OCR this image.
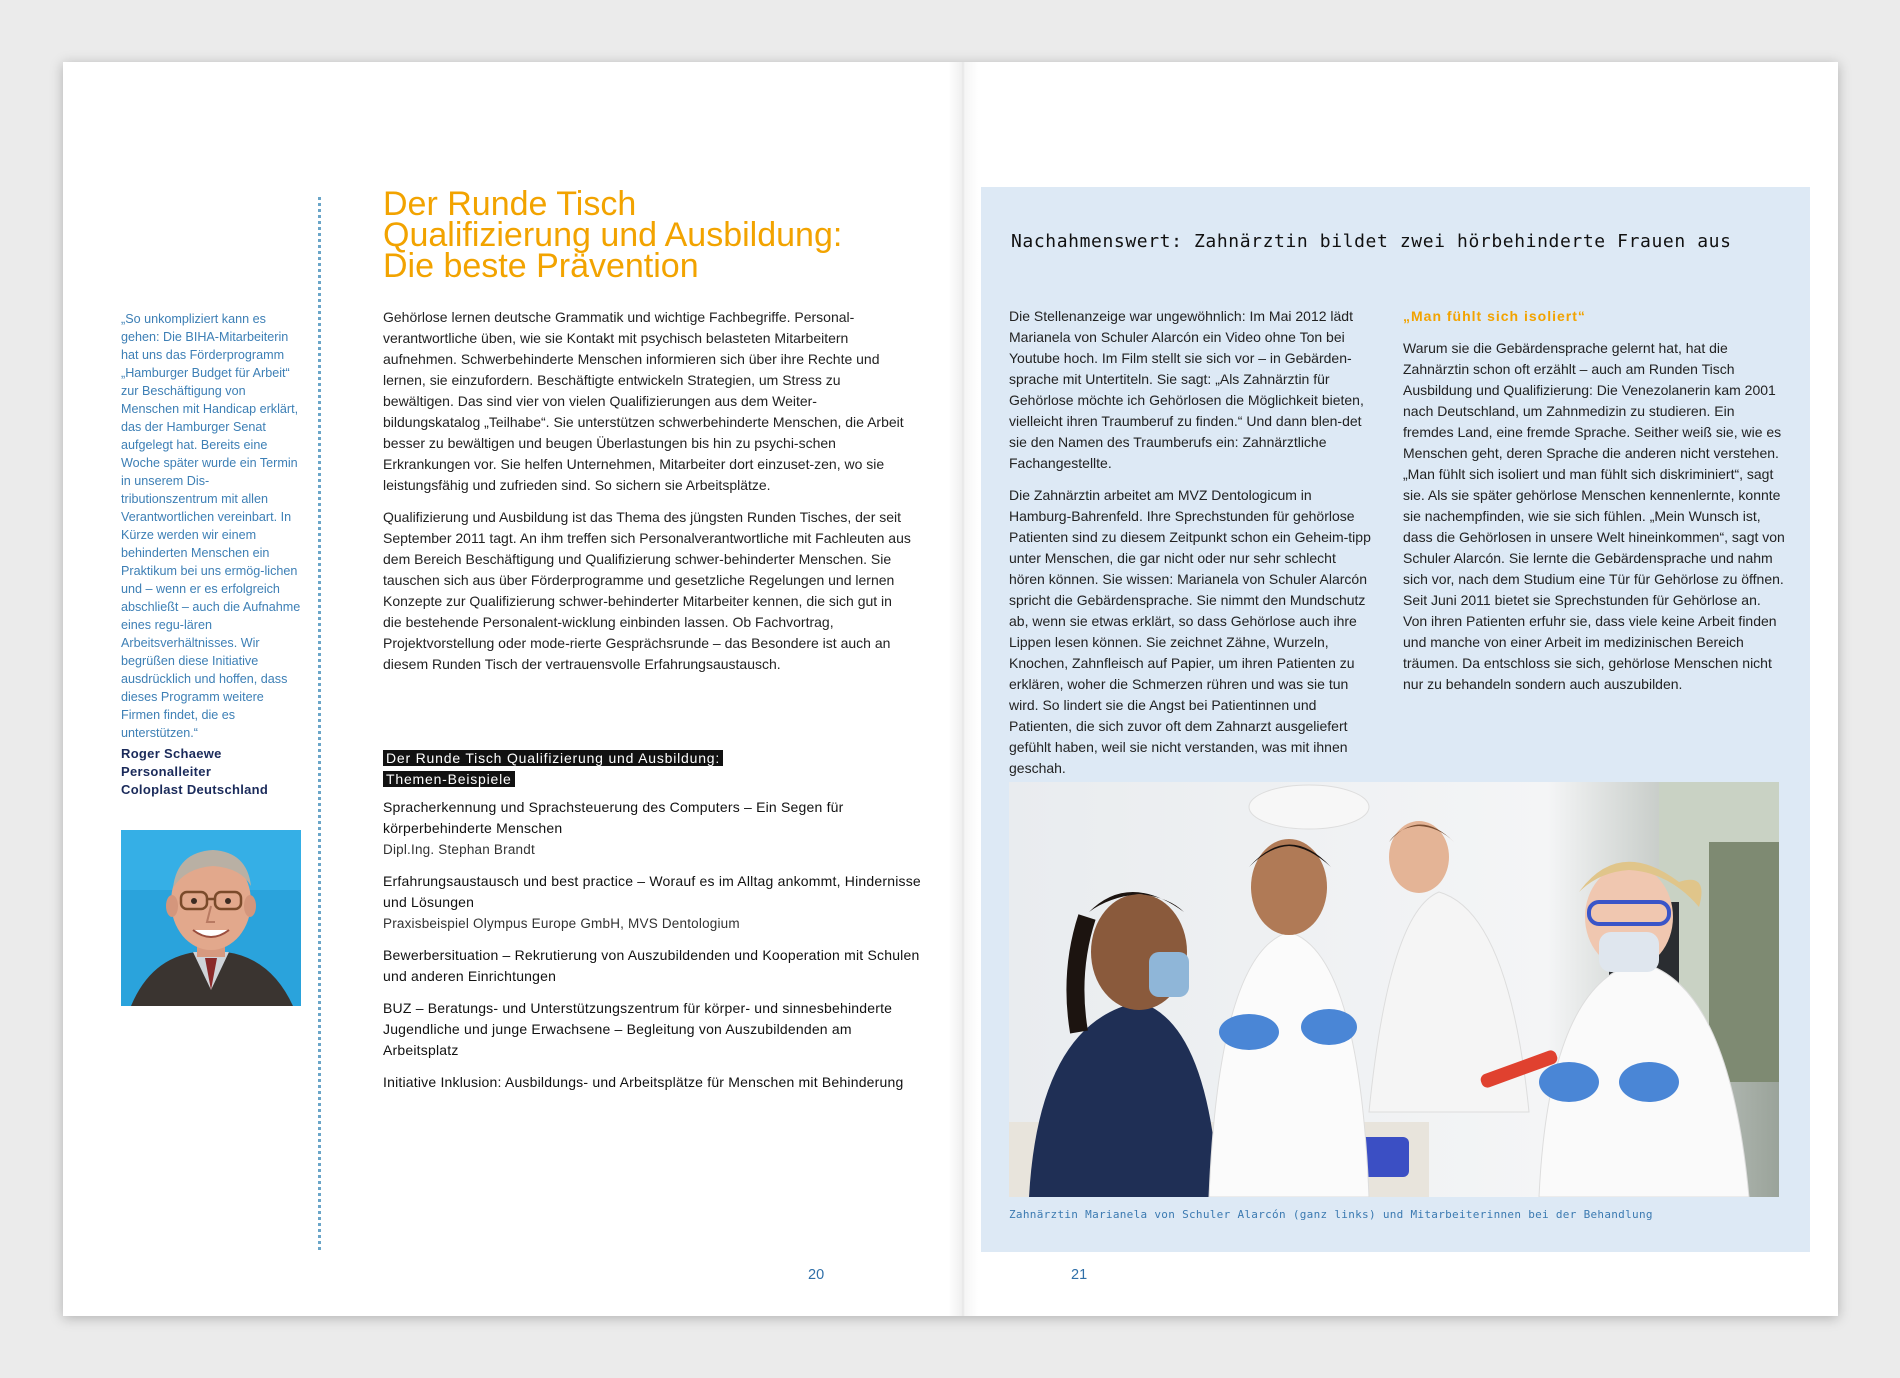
„So unkompliziert kann es gehen: Die BIHA-Mitarbeiterin hat uns das Förderprogramm „Hamburger Budget für Arbeit“ zur Beschäftigung von Menschen mit Handicap erklärt, das der Hamburger Senat aufgelegt hat. Bereits eine Woche später wurde ein Termin in unserem Dis-tributionszentrum mit allen Verantwortlichen vereinbart. In Kürze werden wir einem behinderten Menschen ein Praktikum bei uns ermög-lichen und – wenn er es erfolgreich abschließt – auch die Aufnahme eines regu-lären Arbeitsverhältnisses. Wir begrüßen diese Initiative ausdrücklich und hoffen, dass dieses Programm weitere Firmen findet, die es unterstützen.“
Roger Schaewe
Personalleiter
Coloplast Deutschland
Der Runde Tisch
Qualifizierung und Ausbildung:
Die beste Prävention

Gehörlose lernen deutsche Grammatik und wichtige Fachbegriffe. Personal-verantwortliche üben, wie sie Kontakt mit psychisch belasteten Mitarbeitern aufnehmen. Schwerbehinderte Menschen informieren sich über ihre Rechte und lernen, sie einzufordern. Beschäftigte entwickeln Strategien, um Stress zu bewältigen. Das sind vier von vielen Qualifizierungen aus dem Weiter-bildungskatalog „Teilhabe“. Sie unterstützen schwerbehinderte Menschen, die Arbeit besser zu bewältigen und beugen Überlastungen bis hin zu psychi-schen Erkrankungen vor. Sie helfen Unternehmen, Mitarbeiter dort einzuset-zen, wo sie leistungsfähig und zufrieden sind. So sichern sie Arbeitsplätze.

Qualifizierung und Ausbildung ist das Thema des jüngsten Runden Tisches, der seit September 2011 tagt. An ihm treffen sich Personalverantwortliche mit Fachleuten aus dem Bereich Beschäftigung und Qualifizierung schwer-behinderter Menschen. Sie tauschen sich aus über Förderprogramme und gesetzliche Regelungen und lernen Konzepte zur Qualifizierung schwer-behinderter Mitarbeiter kennen, die sich gut in die bestehende Personalent-wicklung einbinden lassen. Ob Fachvortrag, Projektvorstellung oder mode-rierte Gesprächsrunde – das Besondere ist auch an diesem Runden Tisch der vertrauensvolle Erfahrungsaustausch.

Der Runde Tisch Qualifizierung und Ausbildung:
Themen-Beispiele
Spracherkennung und Sprachsteuerung des Computers – Ein Segen für körperbehinderte Menschen
Dipl.Ing. Stephan Brandt
Erfahrungsaustausch und best practice – Worauf es im Alltag ankommt, Hindernisse und Lösungen
Praxisbeispiel Olympus Europe GmbH, MVS Dentologium
Bewerbersituation – Rekrutierung von Auszubildenden und Kooperation mit Schulen und anderen Einrichtungen
BUZ – Beratungs- und Unterstützungszentrum für körper- und sinnesbehinderte Jugendliche und junge Erwachsene – Begleitung von Auszubildenden am Arbeitsplatz
Initiative Inklusion: Ausbildungs- und Arbeitsplätze für Menschen mit Behinderung
20
Nachahmenswert: Zahnärztin bildet zwei hörbehinderte Frauen aus

Die Stellenanzeige war ungewöhnlich: Im Mai 2012 lädt Marianela von Schuler Alarcón ein Video ohne Ton bei Youtube hoch. Im Film stellt sie sich vor – in Gebärden-sprache mit Untertiteln. Sie sagt: „Als Zahnärztin für Gehörlose möchte ich Gehörlosen die Möglichkeit bieten, vielleicht ihren Traumberuf zu finden.“ Und dann blen-det sie den Namen des Traumberufs ein: Zahnärztliche Fachangestellte.

Die Zahnärztin arbeitet am MVZ Dentologicum in Hamburg-Bahrenfeld. Ihre Sprechstunden für gehörlose Patienten sind zu diesem Zeitpunkt schon ein Geheim-tipp unter Menschen, die gar nicht oder nur sehr schlecht hören können. Sie wissen: Marianela von Schuler Alarcón spricht die Gebärdensprache. Sie nimmt den Mundschutz ab, wenn sie etwas erklärt, so dass Gehörlose auch ihre Lippen lesen können. Sie zeichnet Zähne, Wurzeln, Knochen, Zahnfleisch auf Papier, um ihren Patienten zu erklären, woher die Schmerzen rühren und was sie tun wird. So lindert sie die Angst bei Patientinnen und Patienten, die sich zuvor oft dem Zahnarzt ausgeliefert gefühlt haben, weil sie nicht verstanden, was mit ihnen geschah.

„Man fühlt sich isoliert“

Warum sie die Gebärdensprache gelernt hat, hat die Zahnärztin schon oft erzählt – auch am Runden Tisch Ausbildung und Qualifizierung: Die Venezolanerin kam 2001 nach Deutschland, um Zahnmedizin zu studieren. Ein fremdes Land, eine fremde Sprache. Seither weiß sie, wie es Menschen geht, deren Sprache die anderen nicht verstehen. „Man fühlt sich isoliert und man fühlt sich diskriminiert“, sagt sie. Als sie später gehörlose Menschen kennenlernte, konnte sie nachempfinden, wie sie sich fühlen. „Mein Wunsch ist, dass die Gehörlosen in unsere Welt hineinkommen“, sagt von Schuler Alarcón. Sie lernte die Gebärdensprache und nahm sich vor, nach dem Studium eine Tür für Gehörlose zu öffnen. Seit Juni 2011 bietet sie Sprechstunden für Gehörlose an. Von ihren Patienten erfuhr sie, dass viele keine Arbeit finden und manche von einer Arbeit im medizinischen Bereich träumen. Da entschloss sie sich, gehörlose Menschen nicht nur zu behandeln sondern auch auszubilden.

Zahnärztin Marianela von Schuler Alarcón (ganz links) und Mitarbeiterinnen bei der Behandlung
21
